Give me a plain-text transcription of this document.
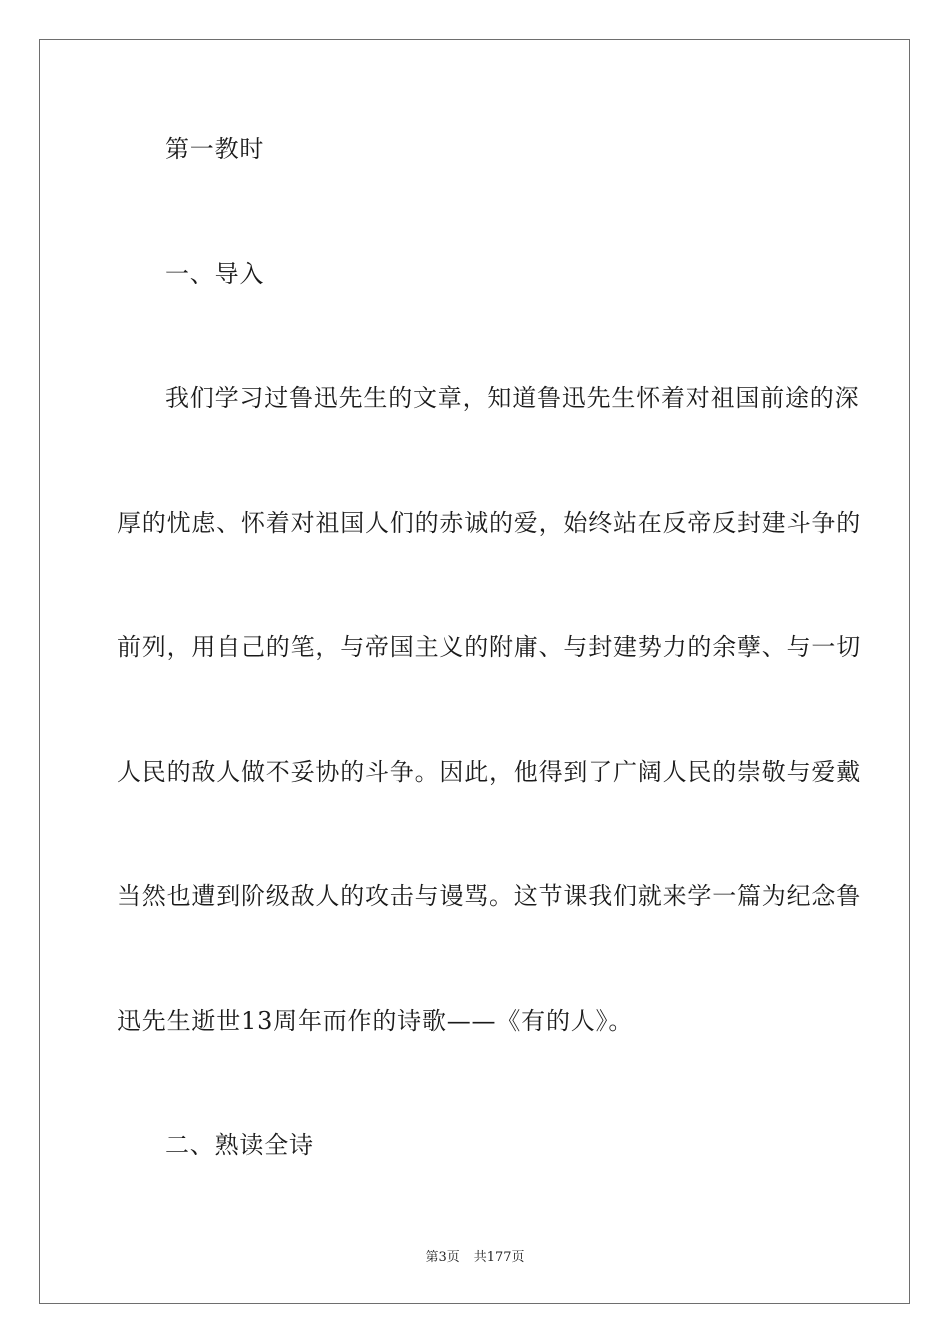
第一教时
一、导入
我们学习过鲁迅先生的文章，知道鲁迅先生怀着对祖国前途的深
厚的忧虑、怀着对祖国人们的赤诚的爱，始终站在反帝反封建斗争的
前列，用自己的笔，与帝国主义的附庸、与封建势力的余孽、与一切
人民的敌人做不妥协的斗争。因此，他得到了广阔人民的崇敬与爱戴
当然也遭到阶级敌人的攻击与谩骂。这节课我们就来学一篇为纪念鲁
迅先生逝世13周年而作的诗歌——《有的人》。
二、熟读全诗
第3页 共177页
